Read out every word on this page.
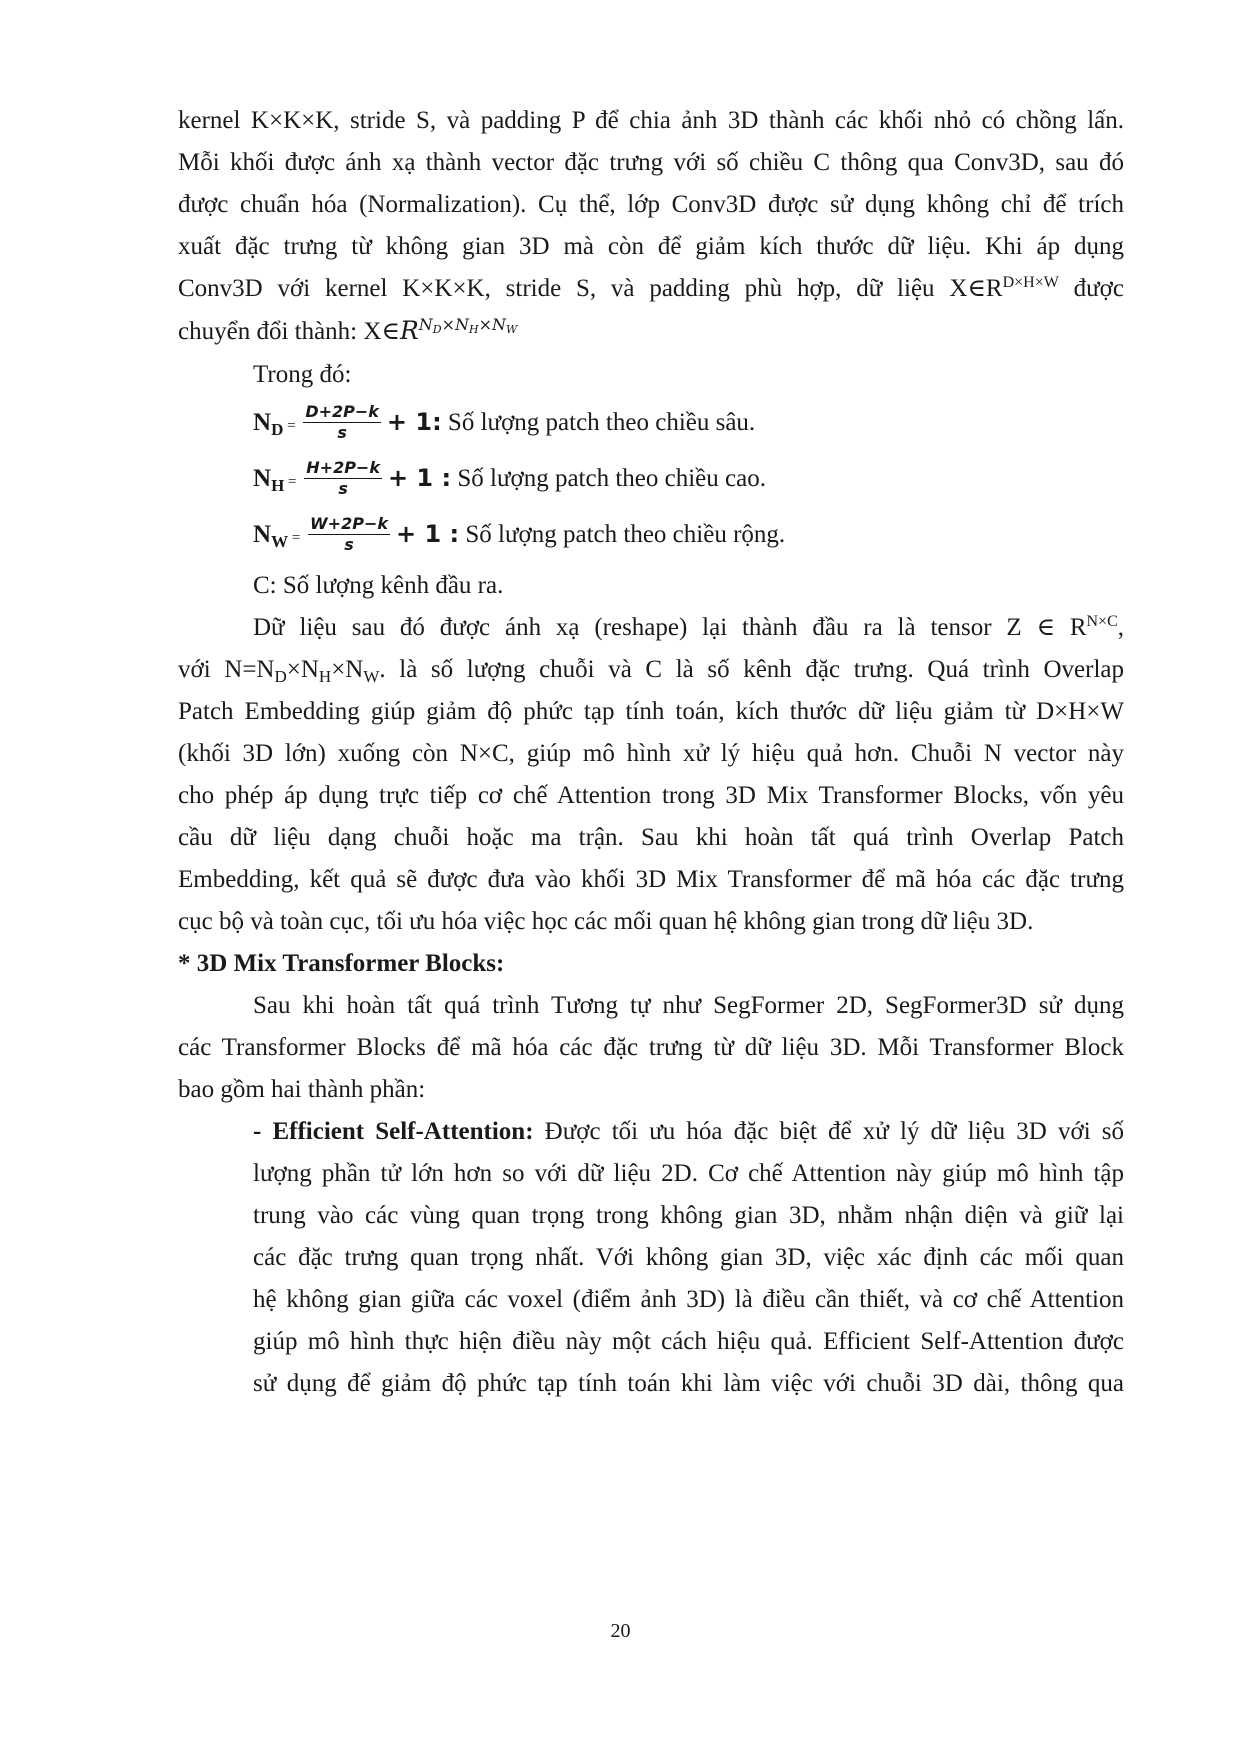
kernel K×K×K, stride S, và padding P để chia ảnh 3D thành các khối nhỏ có chồng lấn.
Mỗi khối được ánh xạ thành vector đặc trưng với số chiều C thông qua Conv3D, sau đó
được chuẩn hóa (Normalization). Cụ thể, lớp Conv3D được sử dụng không chỉ để trích
xuất đặc trưng từ không gian 3D mà còn để giảm kích thước dữ liệu. Khi áp dụng
Conv3D với kernel K×K×K, stride S, và padding phù hợp, dữ liệu $X\in R^{D\times H\times W}$ được
chuyển đổi thành: $X\in R^{ND\times NH\times NW}$
Trong đó:
$N_D = \frac{D+2P-k}{s} + 1$: Số lượng patch theo chiều sâu.
$N_H = \frac{H+2P-k}{s} + 1$ : Số lượng patch theo chiều cao.
$N_W = \frac{W+2P-k}{s} + 1$ : Số lượng patch theo chiều rộng.
C: Số lượng kênh đầu ra.
Dữ liệu sau đó được ánh xạ (reshape) lại thành đầu ra là tensor Z ∈ $R^{N\times C}$,
với $N=N_D\times N_H\times N_W$. là số lượng chuỗi và C là số kênh đặc trưng. Quá trình Overlap
Patch Embedding giúp giảm độ phức tạp tính toán, kích thước dữ liệu giảm từ D×H×W
(khối 3D lớn) xuống còn N×C, giúp mô hình xử lý hiệu quả hơn. Chuỗi N vector này
cho phép áp dụng trực tiếp cơ chế Attention trong 3D Mix Transformer Blocks, vốn yêu
cầu dữ liệu dạng chuỗi hoặc ma trận. Sau khi hoàn tất quá trình Overlap Patch
Embedding, kết quả sẽ được đưa vào khối 3D Mix Transformer để mã hóa các đặc trưng
cục bộ và toàn cục, tối ưu hóa việc học các mối quan hệ không gian trong dữ liệu 3D.
* 3D Mix Transformer Blocks:
Sau khi hoàn tất quá trình Tương tự như SegFormer 2D, SegFormer3D sử dụng
các Transformer Blocks để mã hóa các đặc trưng từ dữ liệu 3D. Mỗi Transformer Block
bao gồm hai thành phần:
- Efficient Self-Attention: Được tối ưu hóa đặc biệt để xử lý dữ liệu 3D với số
lượng phần tử lớn hơn so với dữ liệu 2D. Cơ chế Attention này giúp mô hình tập
trung vào các vùng quan trọng trong không gian 3D, nhằm nhận diện và giữ lại
các đặc trưng quan trọng nhất. Với không gian 3D, việc xác định các mối quan
hệ không gian giữa các voxel (điểm ảnh 3D) là điều cần thiết, và cơ chế Attention
giúp mô hình thực hiện điều này một cách hiệu quả. Efficient Self-Attention được
sử dụng để giảm độ phức tạp tính toán khi làm việc với chuỗi 3D dài, thông qua
20
